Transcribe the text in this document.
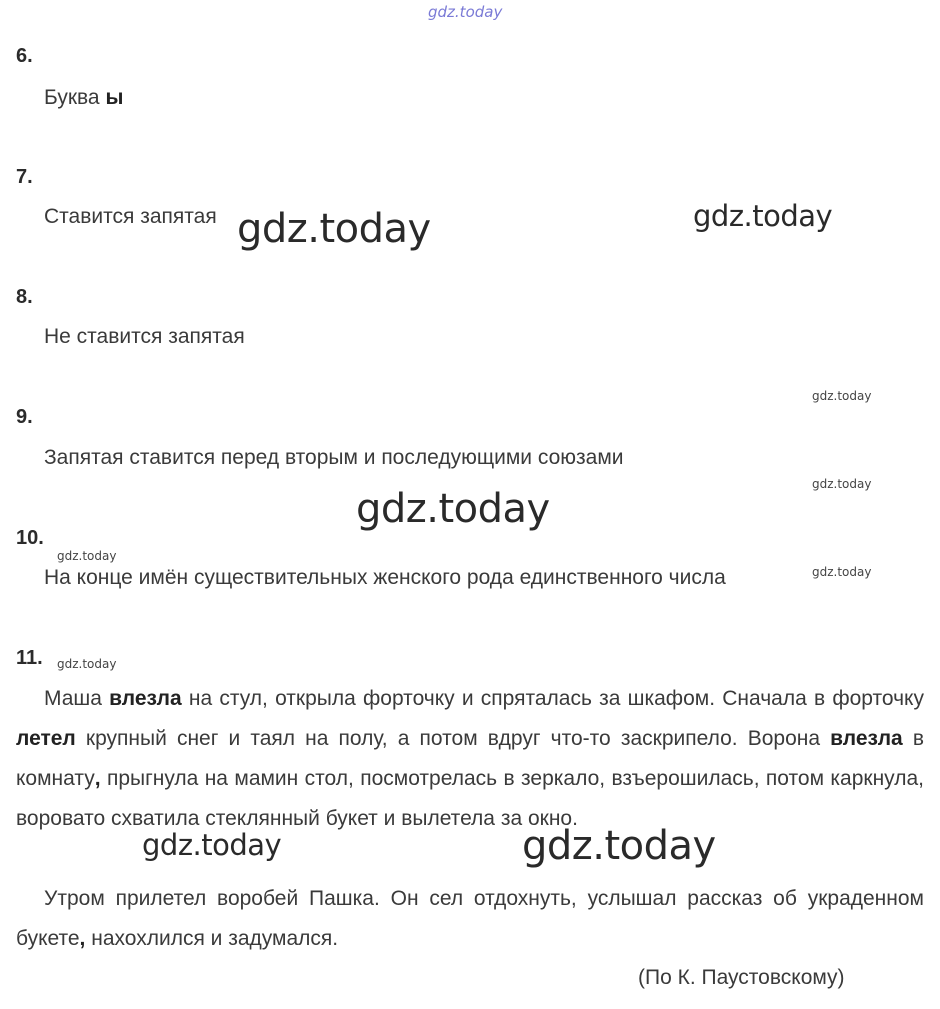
gdz.today
6.
Буква ы
7.
Ставится запятая
8.
Не ставится запятая
9.
Запятая ставится перед вторым и последующими союзами
10.
На конце имён существительных женского рода единственного числа
11.
Маша влезла на стул, открыла форточку и спряталась за шкафом. Сначала в форточку летел крупный снег и таял на полу, а потом вдруг что-то заскрипело. Ворона влезла в комнату, прыгнула на мамин стол, посмотрелась в зеркало, взъерошилась, потом каркнула, воровато схватила стеклянный букет и вылетела за окно.
Утром прилетел воробей Пашка. Он сел отдохнуть, услышал рассказ об украденном букете, нахохлился и задумался.
(По К. Паустовскому)
gdz.today	gdz.today
gdz.today
gdz.today
gdz.today
gdz.today
gdz.today
gdz.today
gdz.today	gdz.today
